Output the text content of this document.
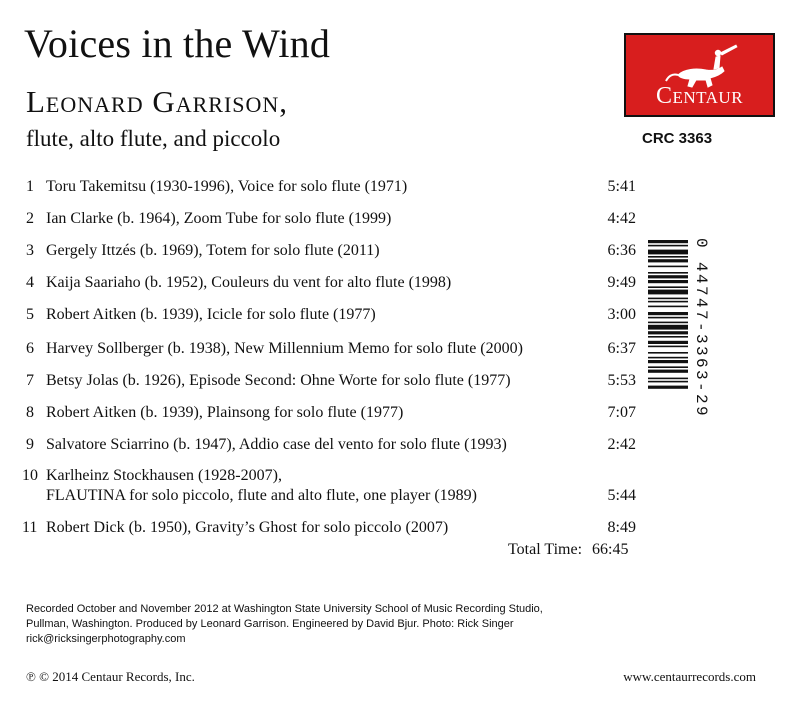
Voices in the Wind
Leonard Garrison,
flute, alto flute, and piccolo
Centaur
CRC 3363
1 Toru Takemitsu (1930-1996), Voice for solo flute (1971)	5:41
2 Ian Clarke (b. 1964), Zoom Tube for solo flute (1999)	4:42
3 Gergely Ittzés (b. 1969), Totem for solo flute (2011)	6:36
4 Kaija Saariaho (b. 1952), Couleurs du vent for alto flute (1998)	9:49
5 Robert Aitken (b. 1939), Icicle for solo flute (1977)	3:00
6 Harvey Sollberger (b. 1938), New Millennium Memo for solo flute (2000)	6:37
7 Betsy Jolas (b. 1926), Episode Second: Ohne Worte for solo flute (1977)	5:53
8 Robert Aitken (b. 1939), Plainsong for solo flute (1977)	7:07
9 Salvatore Sciarrino (b. 1947), Addio case del vento for solo flute (1993)	2:42
10 Karlheinz Stockhausen (1928-2007),
FLAUTINA for solo piccolo, flute and alto flute, one player (1989)	5:44
11 Robert Dick (b. 1950), Gravity’s Ghost for solo piccolo (2007)	8:49
Total Time: 66:45
0 44747-3363-29
Recorded October and November 2012 at Washington State University School of Music Recording Studio,
Pullman, Washington. Produced by Leonard Garrison. Engineered by David Bjur. Photo: Rick Singer
rick@ricksingerphotography.com
℗ © 2014 Centaur Records, Inc.	www.centaurrecords.com
